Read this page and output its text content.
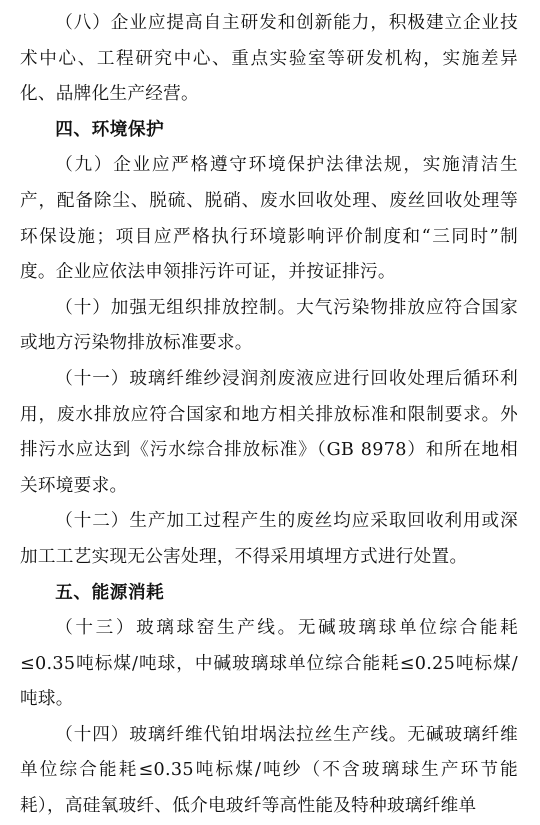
（八）企业应提高自主研发和创新能力，积极建立企业技术中心、工程研究中心、重点实验室等研发机构，实施差异化、品牌化生产经营。

四、环境保护

（九）企业应严格遵守环境保护法律法规，实施清洁生产，配备除尘、脱硫、脱硝、废水回收处理、废丝回收处理等环保设施；项目应严格执行环境影响评价制度和“三同时”制度。企业应依法申领排污许可证，并按证排污。

（十）加强无组织排放控制。大气污染物排放应符合国家或地方污染物排放标准要求。

（十一）玻璃纤维纱浸润剂废液应进行回收处理后循环利用，废水排放应符合国家和地方相关排放标准和限制要求。外排污水应达到《污水综合排放标准》（GB 8978）和所在地相关环境要求。

（十二）生产加工过程产生的废丝均应采取回收利用或深加工工艺实现无公害处理，不得采用填埋方式进行处置。

五、能源消耗

（十三）玻璃球窑生产线。无碱玻璃球单位综合能耗≤0.35吨标煤/吨球，中碱玻璃球单位综合能耗≤0.25吨标煤/吨球。

（十四）玻璃纤维代铂坩埚法拉丝生产线。无碱玻璃纤维单位综合能耗≤0.35吨标煤/吨纱（不含玻璃球生产环节能耗），高硅氧玻纤、低介电玻纤等高性能及特种玻璃纤维单
